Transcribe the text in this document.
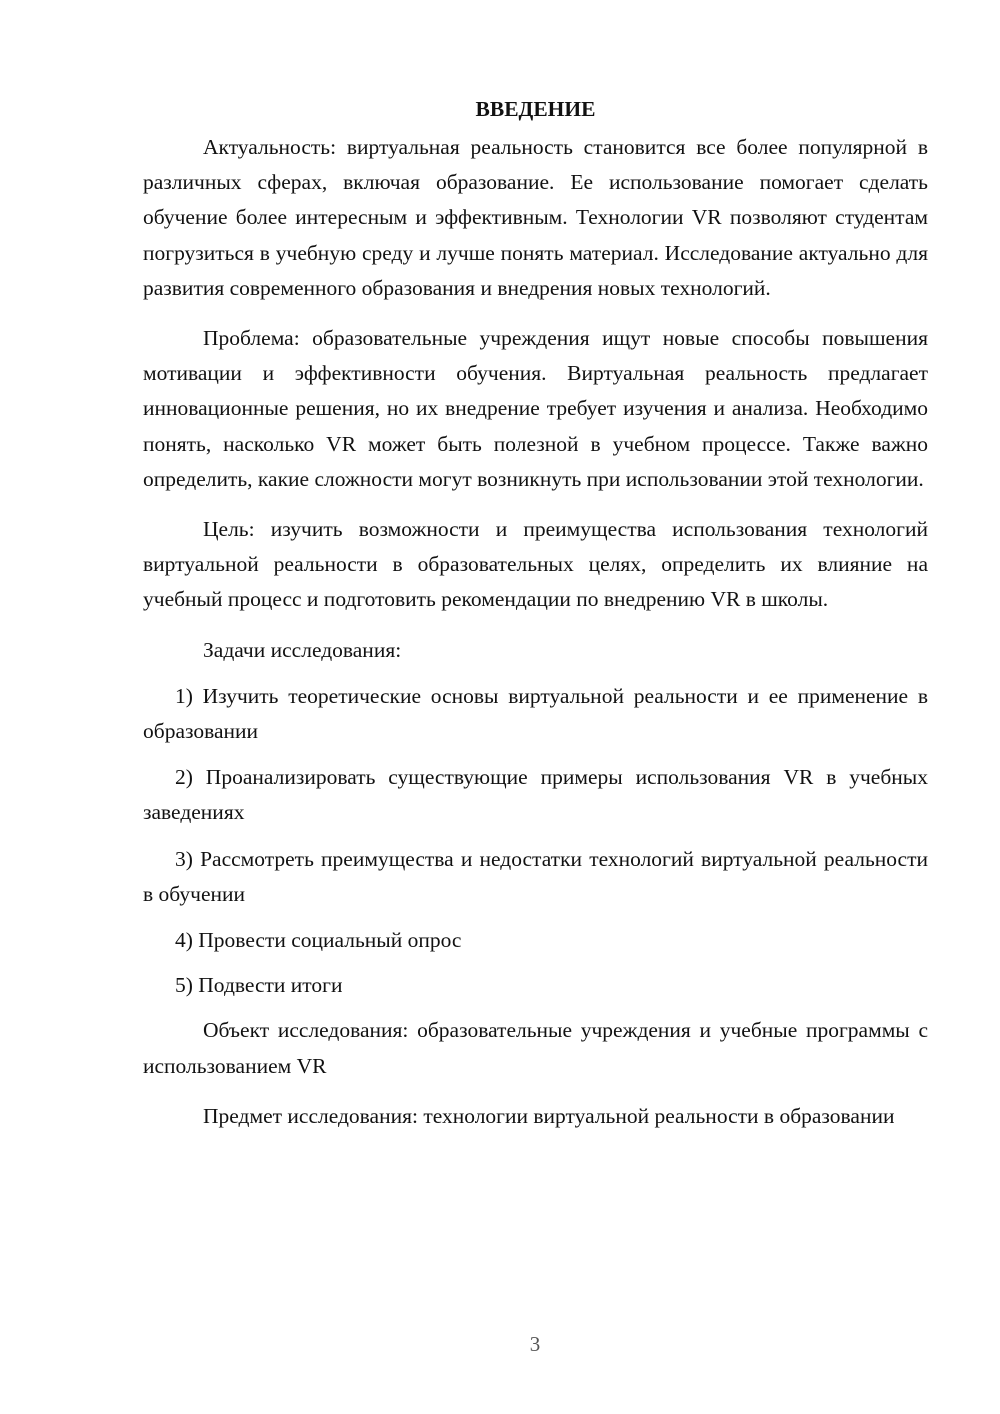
ВВЕДЕНИЕ

Актуальность: виртуальная реальность становится все более популярной в различных сферах, включая образование. Ее использование помогает сделать обучение более интересным и эффективным. Технологии VR позволяют студентам погрузиться в учебную среду и лучше понять материал. Исследование актуально для развития современного образования и внедрения новых технологий.

Проблема: образовательные учреждения ищут новые способы повышения мотивации и эффективности обучения. Виртуальная реальность предлагает инновационные решения, но их внедрение требует изучения и анализа. Необходимо понять, насколько VR может быть полезной в учебном процессе. Также важно определить, какие сложности могут возникнуть при использовании этой технологии.

Цель: изучить возможности и преимущества использования технологий виртуальной реальности в образовательных целях, определить их влияние на учебный процесс и подготовить рекомендации по внедрению VR в школы.

Задачи исследования:

1) Изучить теоретические основы виртуальной реальности и ее применение в образовании

2) Проанализировать существующие примеры использования VR в учебных заведениях

3) Рассмотреть преимущества и недостатки технологий виртуальной реальности в обучении

4) Провести социальный опрос

5) Подвести итоги

Объект исследования: образовательные учреждения и учебные программы с использованием VR

Предмет исследования: технологии виртуальной реальности в образовании

3
